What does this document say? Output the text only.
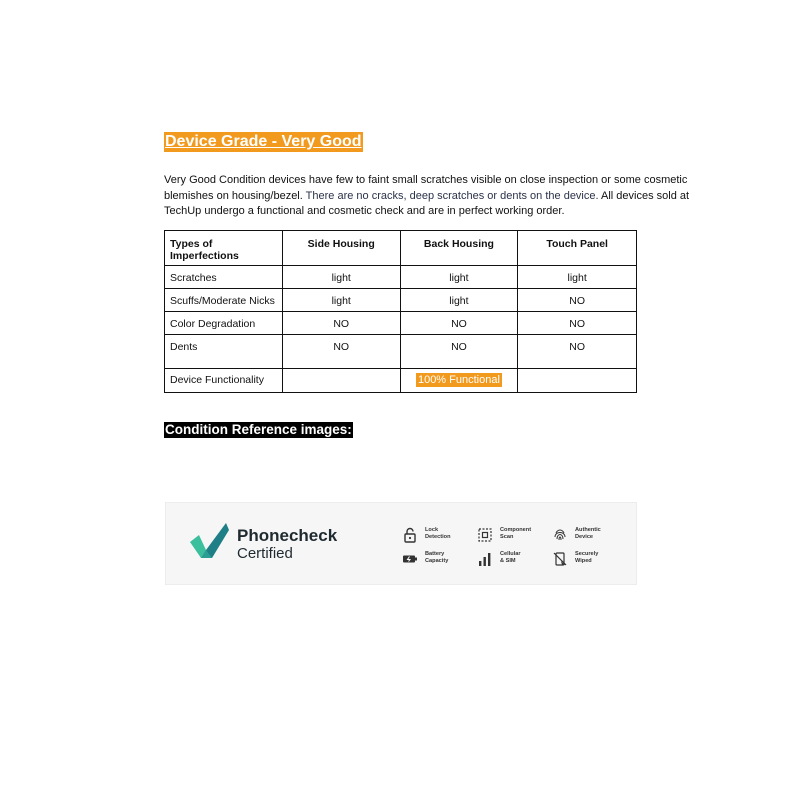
Device Grade - Very Good

Very Good Condition devices have few to faint small scratches visible on close inspection or some cosmetic blemishes on housing/bezel. There are no cracks, deep scratches or dents on the device. All devices sold at TechUp undergo a functional and cosmetic check and are in perfect working order.

Types of Imperfections	Side Housing	Back Housing	Touch Panel
Scratches	light	light	light
Scuffs/Moderate Nicks	light	light	NO
Color Degradation	NO	NO	NO
Dents	NO	NO	NO
Device Functionality		100% Functional	
Condition Reference images:
Phonecheck
Certified
Lock
Detection
Component
Scan
Authentic
Device
Battery
Capacity
Cellular
& SIM
Securely
Wiped
